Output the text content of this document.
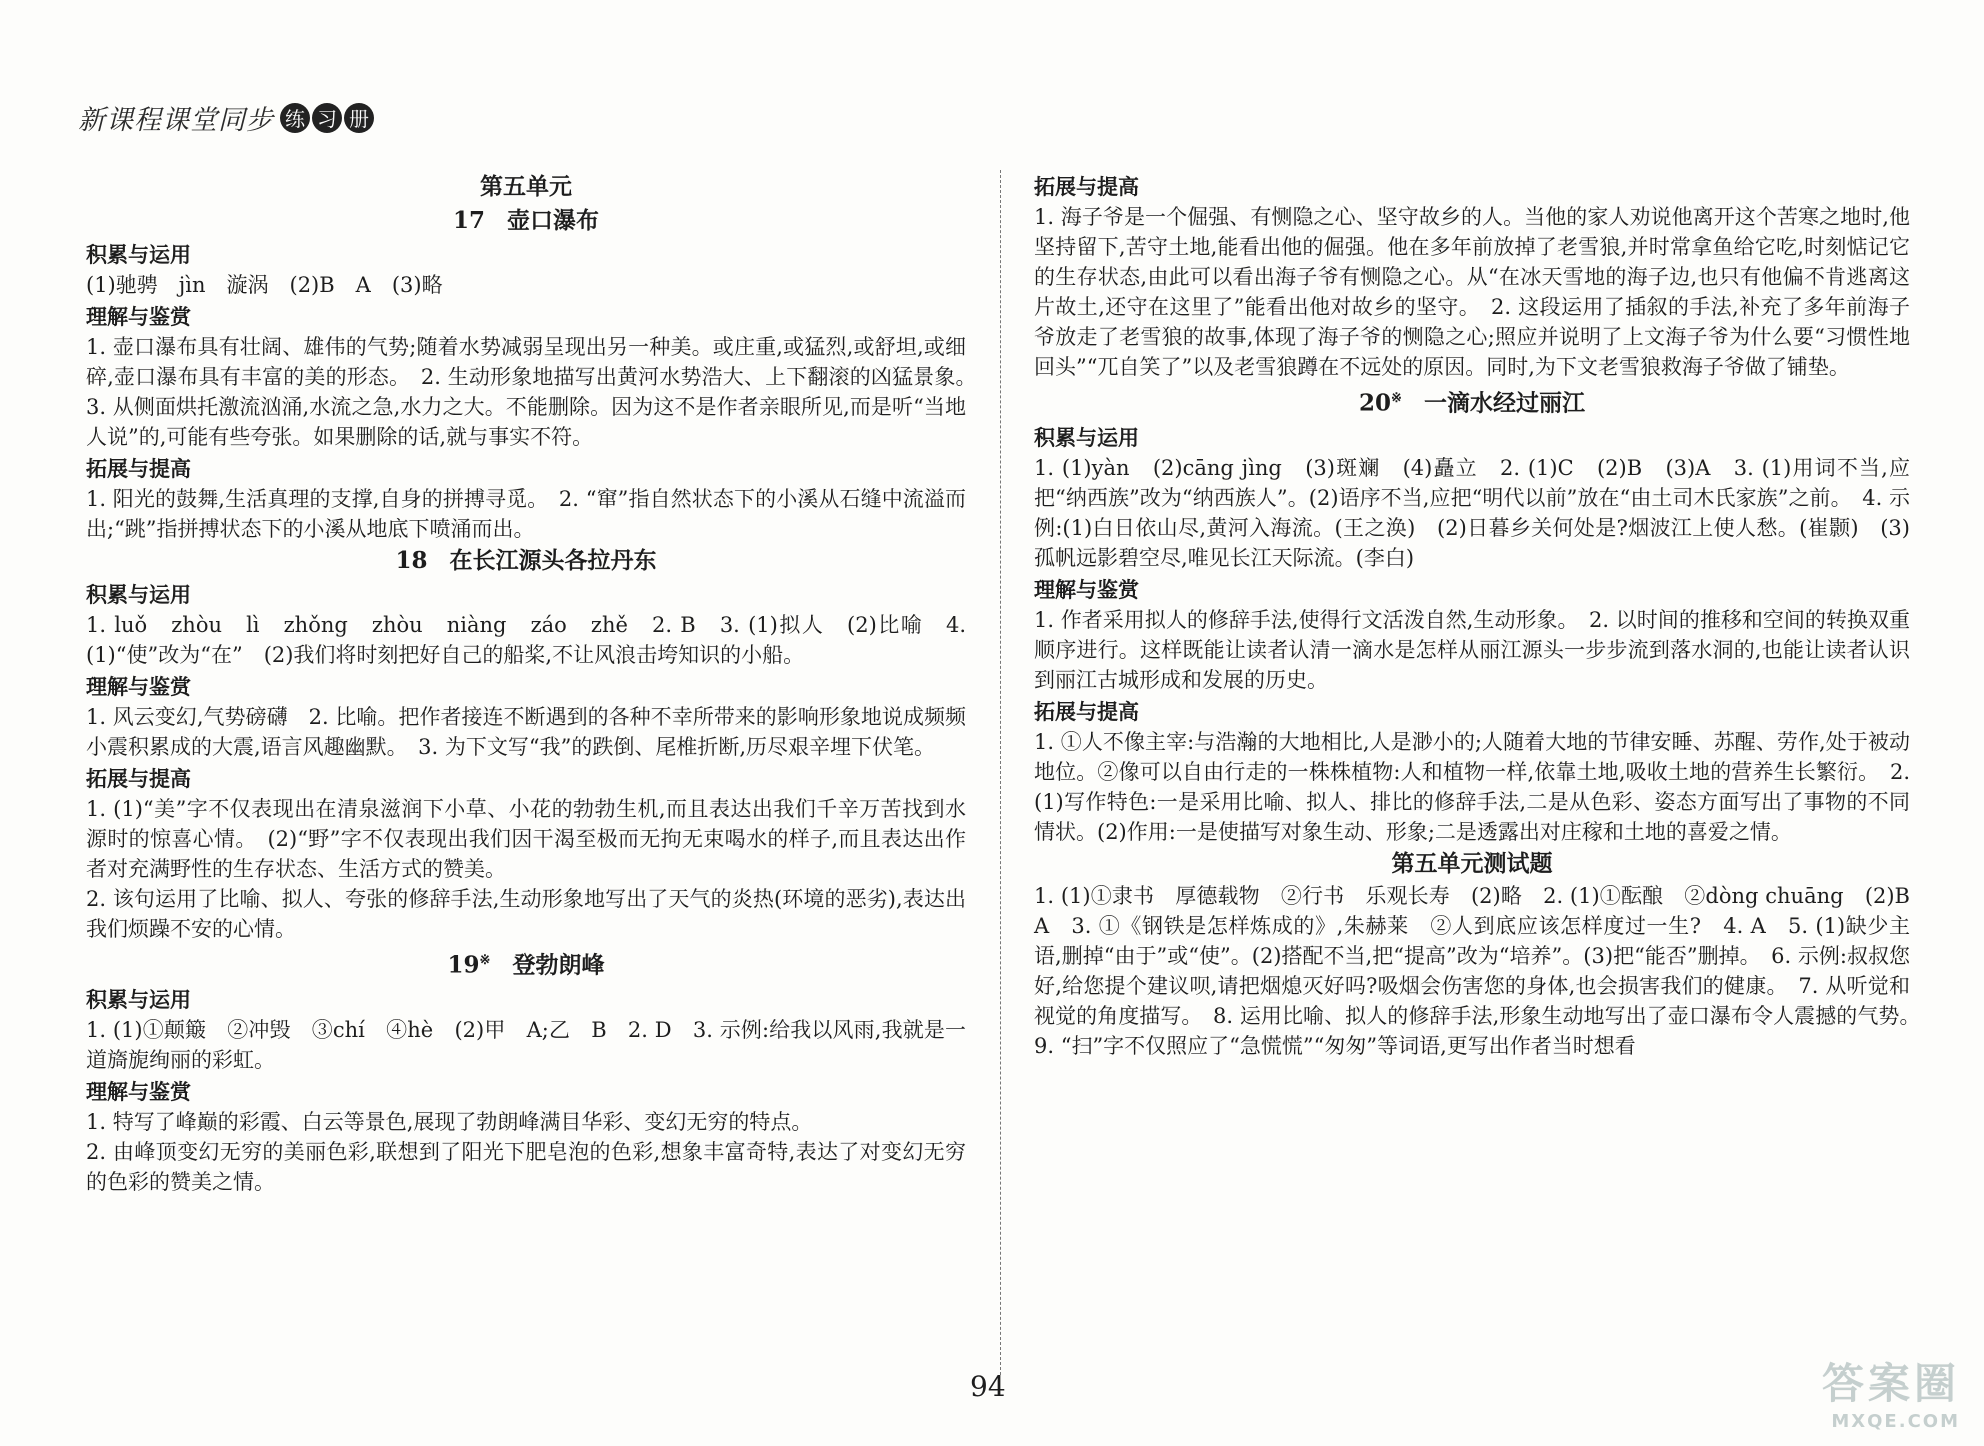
新课程课堂同步 练 习 册
第五单元
17 壶口瀑布
积累与运用

(1)驰骋　jìn　漩涡　(2)B　A　(3)略

理解与鉴赏

1. 壶口瀑布具有壮阔、雄伟的气势;随着水势减弱呈现出另一种美。或庄重,或猛烈,或舒坦,或细碎,壶口瀑布具有丰富的美的形态。　2. 生动形象地描写出黄河水势浩大、上下翻滚的凶猛景象。　3. 从侧面烘托激流汹涌,水流之急,水力之大。不能删除。因为这不是作者亲眼所见,而是听“当地人说”的,可能有些夸张。如果删除的话,就与事实不符。

拓展与提高

1. 阳光的鼓舞,生活真理的支撑,自身的拼搏寻觅。　2. “窜”指自然状态下的小溪从石缝中流溢而出;“跳”指拼搏状态下的小溪从地底下喷涌而出。

18 在长江源头各拉丹东
积累与运用

1. luǒ　zhòu　lì　zhǒng　zhòu　niàng　záo　zhě　2. B　3. (1)拟人　(2)比喻　4. (1)“使”改为“在”　(2)我们将时刻把好自己的船桨,不让风浪击垮知识的小船。

理解与鉴赏

1. 风云变幻,气势磅礴　2. 比喻。把作者接连不断遇到的各种不幸所带来的影响形象地说成频频小震积累成的大震,语言风趣幽默。　3. 为下文写“我”的跌倒、尾椎折断,历尽艰辛埋下伏笔。

拓展与提高

1. (1)“美”字不仅表现出在清泉滋润下小草、小花的勃勃生机,而且表达出我们千辛万苦找到水源时的惊喜心情。　(2)“野”字不仅表现出我们因干渴至极而无拘无束喝水的样子,而且表达出作者对充满野性的生存状态、生活方式的赞美。

2. 该句运用了比喻、拟人、夸张的修辞手法,生动形象地写出了天气的炎热(环境的恶劣),表达出我们烦躁不安的心情。

19※ 登勃朗峰
积累与运用

1. (1)①颠簸　②冲毁　③chí　④hè　(2)甲　A;乙　B　2. D　3. 示例:给我以风雨,我就是一道旖旎绚丽的彩虹。

理解与鉴赏

1. 特写了峰巅的彩霞、白云等景色,展现了勃朗峰满目华彩、变幻无穷的特点。

2. 由峰顶变幻无穷的美丽色彩,联想到了阳光下肥皂泡的色彩,想象丰富奇特,表达了对变幻无穷的色彩的赞美之情。

拓展与提高

1. 海子爷是一个倔强、有恻隐之心、坚守故乡的人。当他的家人劝说他离开这个苦寒之地时,他坚持留下,苦守土地,能看出他的倔强。他在多年前放掉了老雪狼,并时常拿鱼给它吃,时刻惦记它的生存状态,由此可以看出海子爷有恻隐之心。从“在冰天雪地的海子边,也只有他偏不肯逃离这片故土,还守在这里了”能看出他对故乡的坚守。　2. 这段运用了插叙的手法,补充了多年前海子爷放走了老雪狼的故事,体现了海子爷的恻隐之心;照应并说明了上文海子爷为什么要“习惯性地回头”“兀自笑了”以及老雪狼蹲在不远处的原因。同时,为下文老雪狼救海子爷做了铺垫。

20※ 一滴水经过丽江
积累与运用

1. (1)yàn　(2)cāng jìng　(3)斑斓　(4)矗立　2. (1)C　(2)B　(3)A　3. (1)用词不当,应把“纳西族”改为“纳西族人”。(2)语序不当,应把“明代以前”放在“由土司木氏家族”之前。　4. 示例:(1)白日依山尽,黄河入海流。(王之涣)　(2)日暮乡关何处是?烟波江上使人愁。(崔颢)　(3)孤帆远影碧空尽,唯见长江天际流。(李白)

理解与鉴赏

1. 作者采用拟人的修辞手法,使得行文活泼自然,生动形象。　2. 以时间的推移和空间的转换双重顺序进行。这样既能让读者认清一滴水是怎样从丽江源头一步步流到落水洞的,也能让读者认识到丽江古城形成和发展的历史。

拓展与提高

1. ①人不像主宰:与浩瀚的大地相比,人是渺小的;人随着大地的节律安睡、苏醒、劳作,处于被动地位。②像可以自由行走的一株株植物:人和植物一样,依靠土地,吸收土地的营养生长繁衍。　2. (1)写作特色:一是采用比喻、拟人、排比的修辞手法,二是从色彩、姿态方面写出了事物的不同情状。(2)作用:一是使描写对象生动、形象;二是透露出对庄稼和土地的喜爱之情。

第五单元测试题

1. (1)①隶书　厚德载物　②行书　乐观长寿　(2)略　2. (1)①酝酿　②dòng chuāng　(2)B　A　3. ①《钢铁是怎样炼成的》,朱赫莱　②人到底应该怎样度过一生?　4. A　5. (1)缺少主语,删掉“由于”或“使”。(2)搭配不当,把“提高”改为“培养”。(3)把“能否”删掉。　6. 示例:叔叔您好,给您提个建议呗,请把烟熄灭好吗?吸烟会伤害您的身体,也会损害我们的健康。　7. 从听觉和视觉的角度描写。　8. 运用比喻、拟人的修辞手法,形象生动地写出了壶口瀑布令人震撼的气势。　9. “扫”字不仅照应了“急慌慌”“匆匆”等词语,更写出作者当时想看

94	答案圈
MXQE.COM
